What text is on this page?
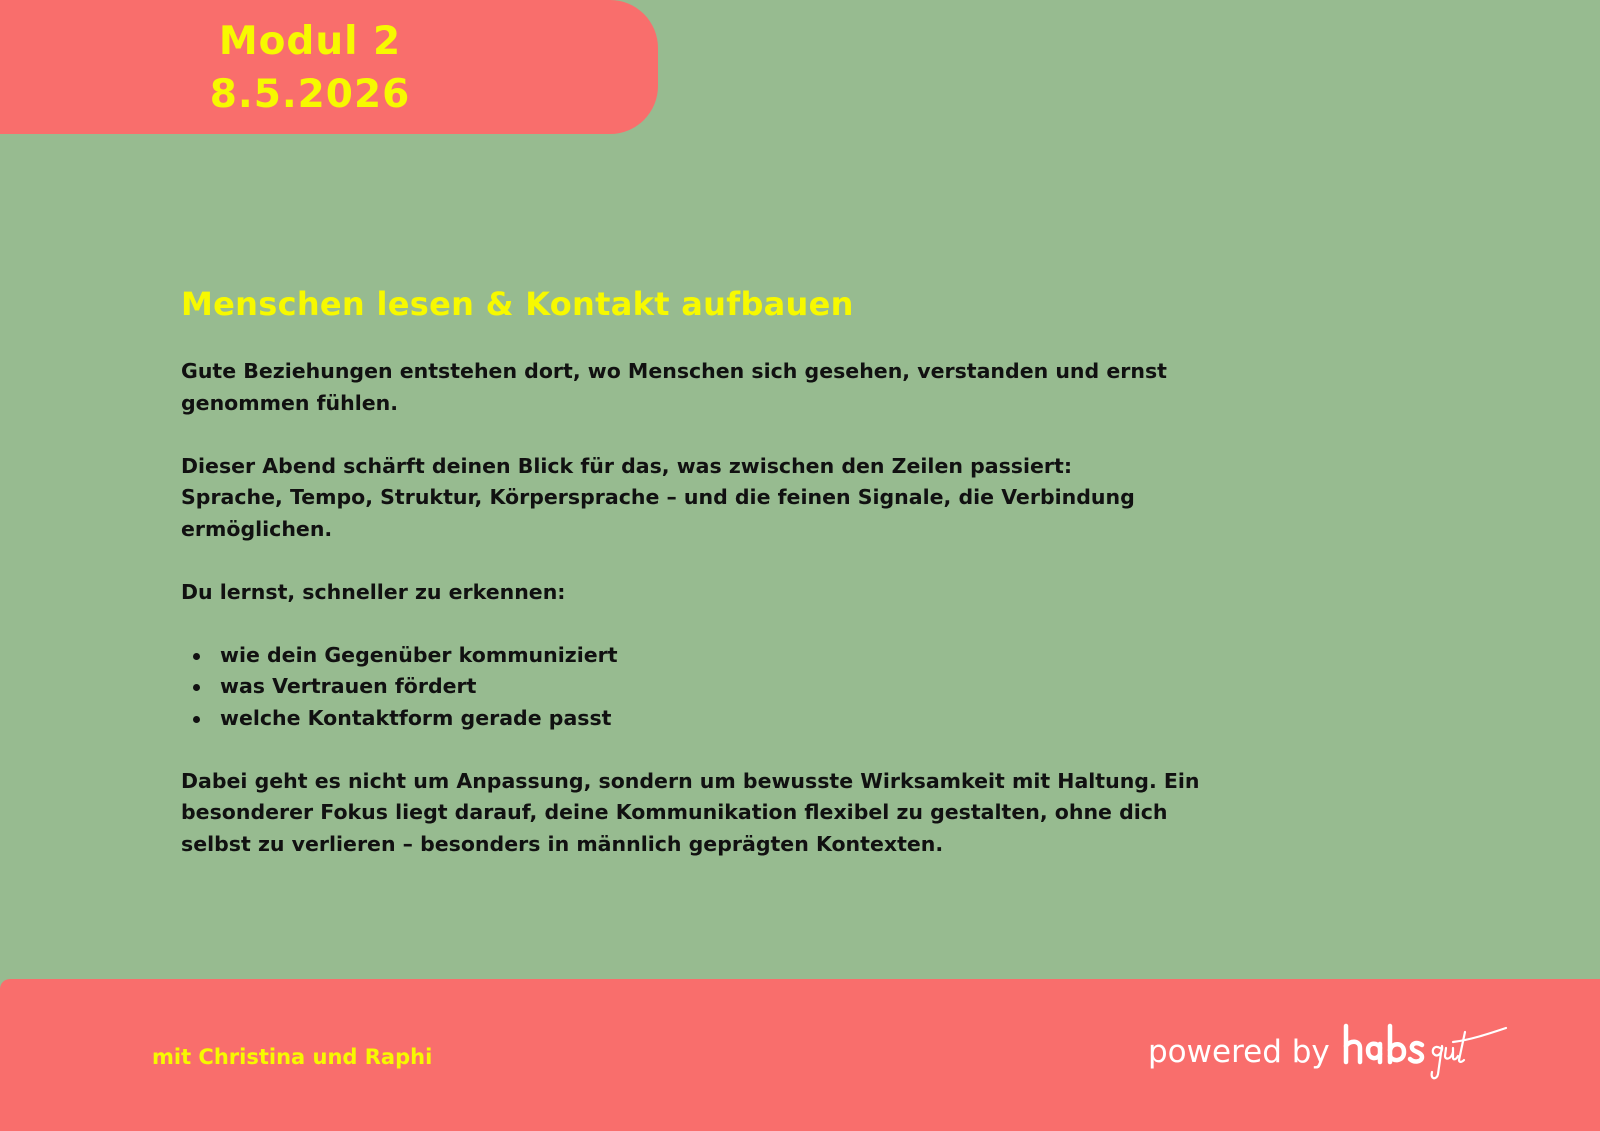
Modul 2
8.5.2026
Menschen lesen & Kontakt aufbauen

Gute Beziehungen entstehen dort, wo Menschen sich gesehen, verstanden und ernst
genommen fühlen.

Dieser Abend schärft deinen Blick für das, was zwischen den Zeilen passiert:
Sprache, Tempo, Struktur, Körpersprache – und die feinen Signale, die Verbindung
ermöglichen.

Du lernst, schneller zu erkennen:

wie dein Gegenüber kommuniziert
was Vertrauen fördert
welche Kontaktform gerade passt

Dabei geht es nicht um Anpassung, sondern um bewusste Wirksamkeit mit Haltung. Ein
besonderer Fokus liegt darauf, deine Kommunikation flexibel zu gestalten, ohne dich
selbst zu verlieren – besonders in männlich geprägten Kontexten.

mit Christina und Raphi	powered by
